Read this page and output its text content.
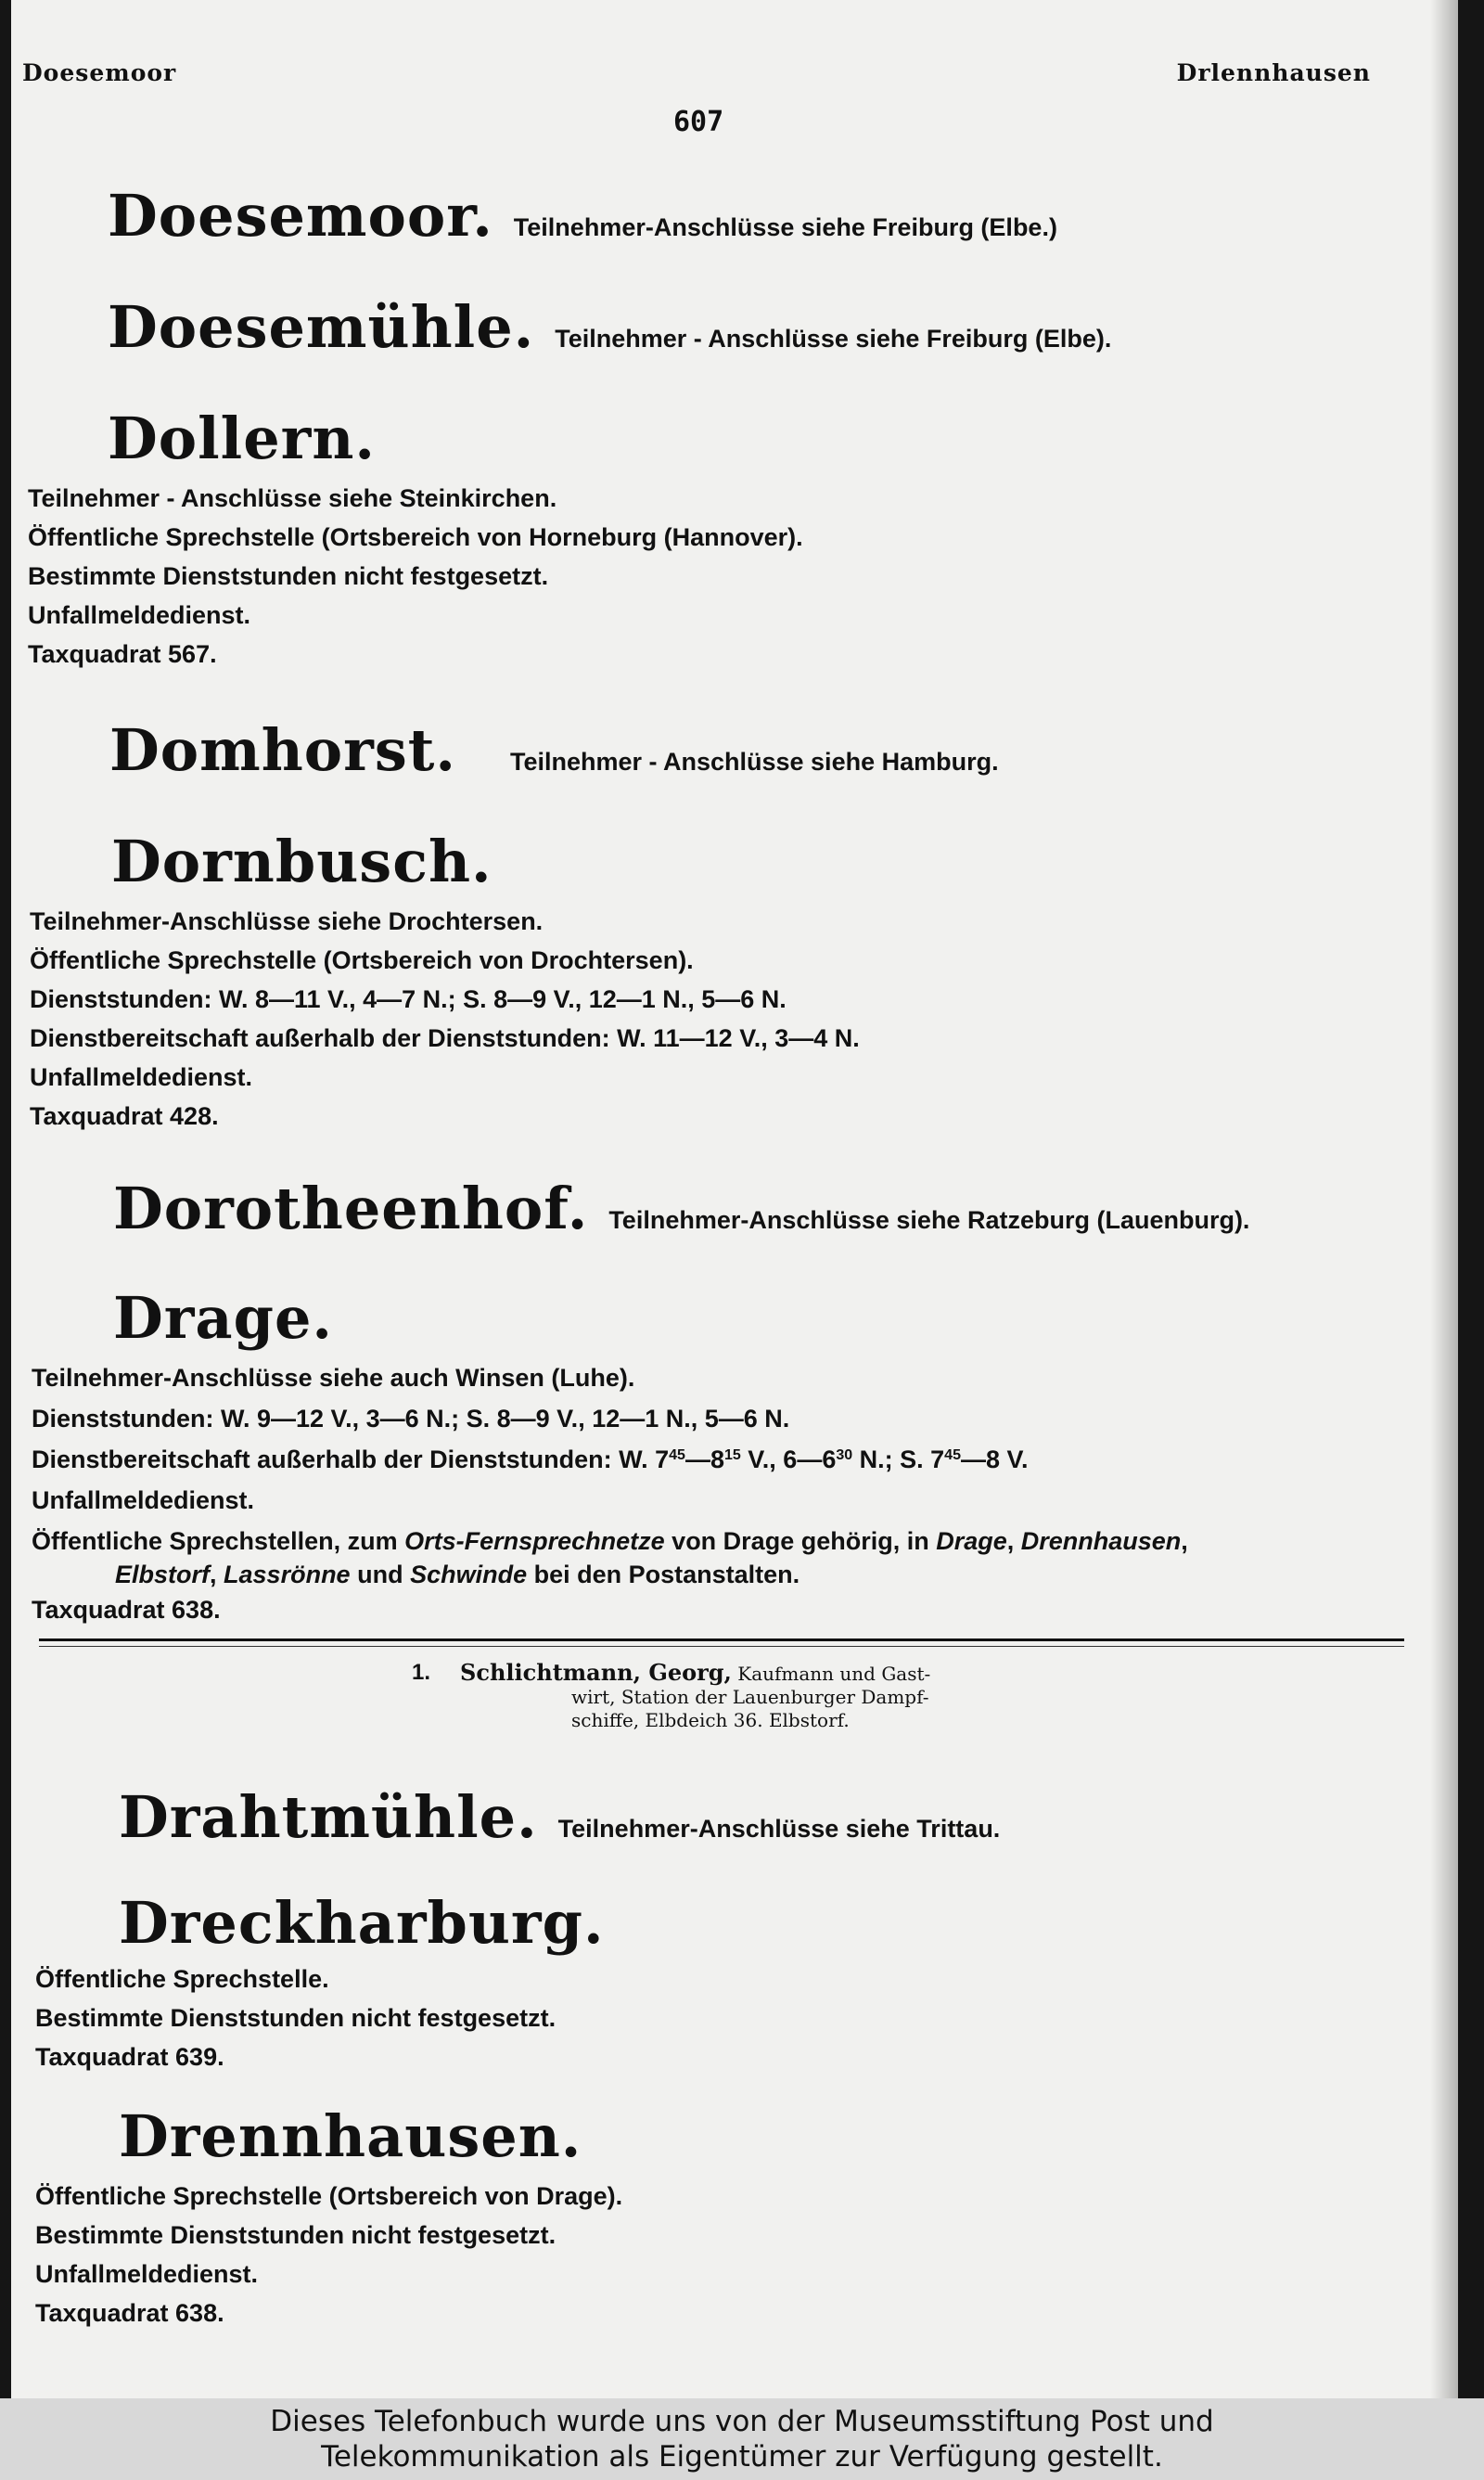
Doesemoor	Drlennhausen
607
Doesemoor. Teilnehmer-Anschlüsse siehe Freiburg (Elbe.)
Doesemühle. Teilnehmer - Anschlüsse siehe Freiburg (Elbe).
Dollern.
Teilnehmer - Anschlüsse siehe Steinkirchen.
Öffentliche Sprechstelle (Ortsbereich von Horneburg (Hannover).
Bestimmte Dienststunden nicht festgesetzt.
Unfallmeldedienst.
Taxquadrat 567.
Domhorst. Teilnehmer - Anschlüsse siehe Hamburg.
Dornbusch.
Teilnehmer-Anschlüsse siehe Drochtersen.
Öffentliche Sprechstelle (Ortsbereich von Drochtersen).
Dienststunden: W. 8—11 V., 4—7 N.; S. 8—9 V., 12—1 N., 5—6 N.
Dienstbereitschaft außerhalb der Dienststunden: W. 11—12 V., 3—4 N.
Unfallmeldedienst.
Taxquadrat 428.
Dorotheenhof. Teilnehmer-Anschlüsse siehe Ratzeburg (Lauenburg).
Drage.
Teilnehmer-Anschlüsse siehe auch Winsen (Luhe).
Dienststunden: W. 9—12 V., 3—6 N.; S. 8—9 V., 12—1 N., 5—6 N.
Dienstbereitschaft außerhalb der Dienststunden: W. $7^{45}—8^{15}$ V., $6—6^{30}$ N.; S. $7^{45}—8$ V.
Unfallmeldedienst.
Öffentliche Sprechstellen, zum Orts-Fernsprechnetze von Drage gehörig, in Drage, Drennhausen,
Elbstorf, Lassrönne und Schwinde bei den Postanstalten.
Taxquadrat 638.
1. Schlichtmann, Georg, Kaufmann und Gast-
wirt, Station der Lauenburger Dampf-
schiffe, Elbdeich 36. Elbstorf.
Drahtmühle. Teilnehmer-Anschlüsse siehe Trittau.
Dreckharburg.
Öffentliche Sprechstelle.
Bestimmte Dienststunden nicht festgesetzt.
Taxquadrat 639.
Drennhausen.
Öffentliche Sprechstelle (Ortsbereich von Drage).
Bestimmte Dienststunden nicht festgesetzt.
Unfallmeldedienst.
Taxquadrat 638.
Dieses Telefonbuch wurde uns von der Museumsstiftung Post und
Telekommunikation als Eigentümer zur Verfügung gestellt.
